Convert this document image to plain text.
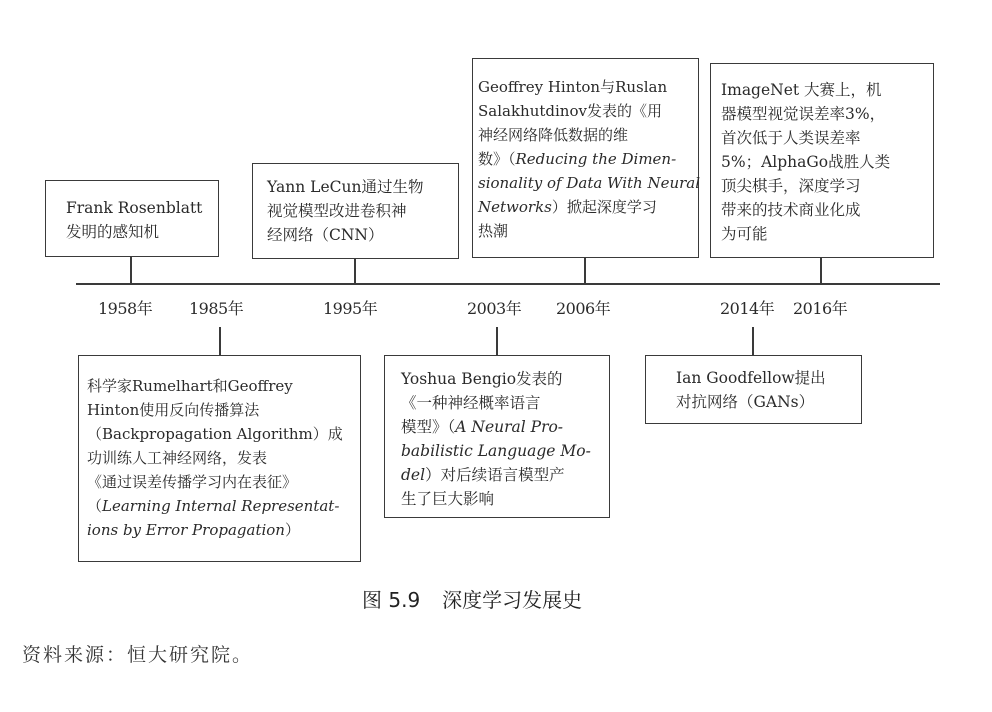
1958年 1985年	1995年	2003年 2006年	2014年 2016年
Frank Rosenblatt
发明的感知机
Yann LeCun通过生物
视觉模型改进卷积神
经网络（CNN）
Geoffrey Hinton与Ruslan
Salakhutdinov发表的《用
神经网络降低数据的维
数》（Reducing the Dimen-
sionality of Data With Neural
Networks）掀起深度学习
热潮
ImageNet 大赛上，机
器模型视觉误差率3%，
首次低于人类误差率
5%；AlphaGo战胜人类
顶尖棋手，深度学习
带来的技术商业化成
为可能
科学家Rumelhart和Geoffrey
Hinton使用反向传播算法
（Backpropagation Algorithm）成
功训练人工神经网络，发表
《通过误差传播学习内在表征》
（Learning Internal Representat-
ions by Error Propagation）
Yoshua Bengio发表的
《一种神经概率语言
模型》（A Neural Pro-
babilistic Language Mo-
del）对后续语言模型产
生了巨大影响
Ian Goodfellow提出
对抗网络（GANs）
图 5.9 深度学习发展史
资料来源：恒大研究院。
